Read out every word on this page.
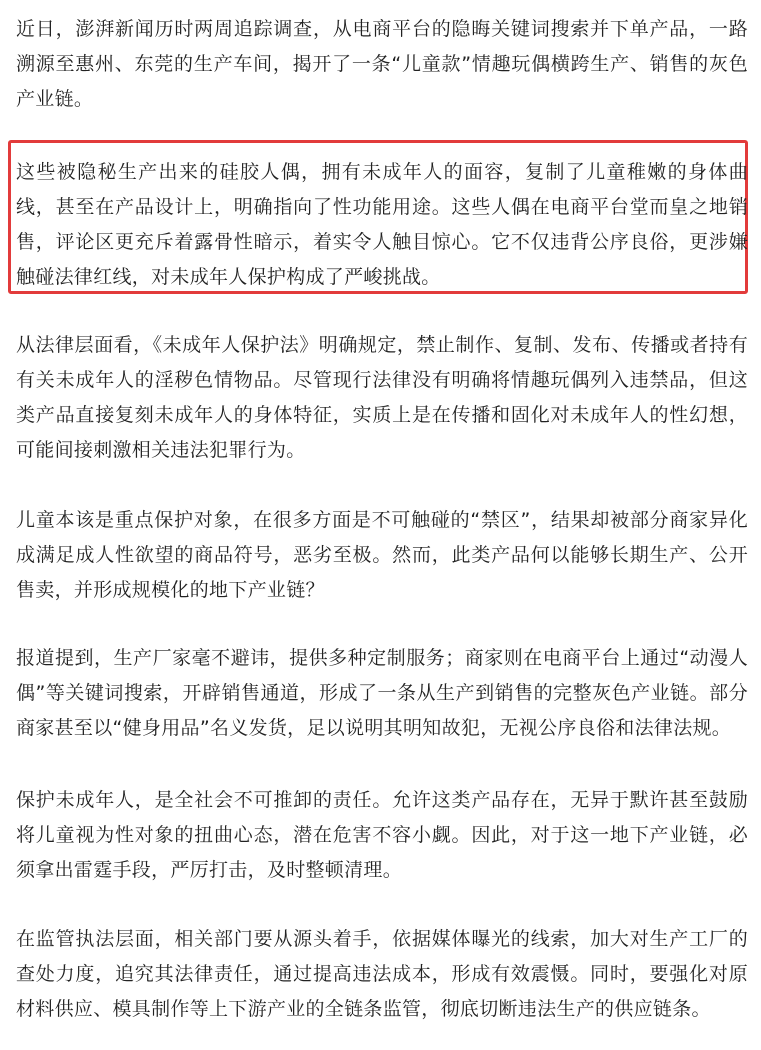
近日，澎湃新闻历时两周追踪调查，从电商平台的隐晦关键词搜索并下单产品，一路溯源至惠州、东莞的生产车间，揭开了一条“儿童款”情趣玩偶横跨生产、销售的灰色产业链。

这些被隐秘生产出来的硅胶人偶，拥有未成年人的面容，复制了儿童稚嫩的身体曲线，甚至在产品设计上，明确指向了性功能用途。这些人偶在电商平台堂而皇之地销售，评论区更充斥着露骨性暗示，着实令人触目惊心。它不仅违背公序良俗，更涉嫌触碰法律红线，对未成年人保护构成了严峻挑战。

从法律层面看，《未成年人保护法》明确规定，禁止制作、复制、发布、传播或者持有有关未成年人的淫秽色情物品。尽管现行法律没有明确将情趣玩偶列入违禁品，但这类产品直接复刻未成年人的身体特征，实质上是在传播和固化对未成年人的性幻想，可能间接刺激相关违法犯罪行为。

儿童本该是重点保护对象，在很多方面是不可触碰的“禁区”，结果却被部分商家异化成满足成人性欲望的商品符号，恶劣至极。然而，此类产品何以能够长期生产、公开售卖，并形成规模化的地下产业链？

报道提到，生产厂家毫不避讳，提供多种定制服务；商家则在电商平台上通过“动漫人偶”等关键词搜索，开辟销售通道，形成了一条从生产到销售的完整灰色产业链。部分商家甚至以“健身用品”名义发货，足以说明其明知故犯，无视公序良俗和法律法规。

保护未成年人，是全社会不可推卸的责任。允许这类产品存在，无异于默许甚至鼓励将儿童视为性对象的扭曲心态，潜在危害不容小觑。因此，对于这一地下产业链，必须拿出雷霆手段，严厉打击，及时整顿清理。

在监管执法层面，相关部门要从源头着手，依据媒体曝光的线索，加大对生产工厂的查处力度，追究其法律责任，通过提高违法成本，形成有效震慑。同时，要强化对原材料供应、模具制作等上下游产业的全链条监管，彻底切断违法生产的供应链条。
